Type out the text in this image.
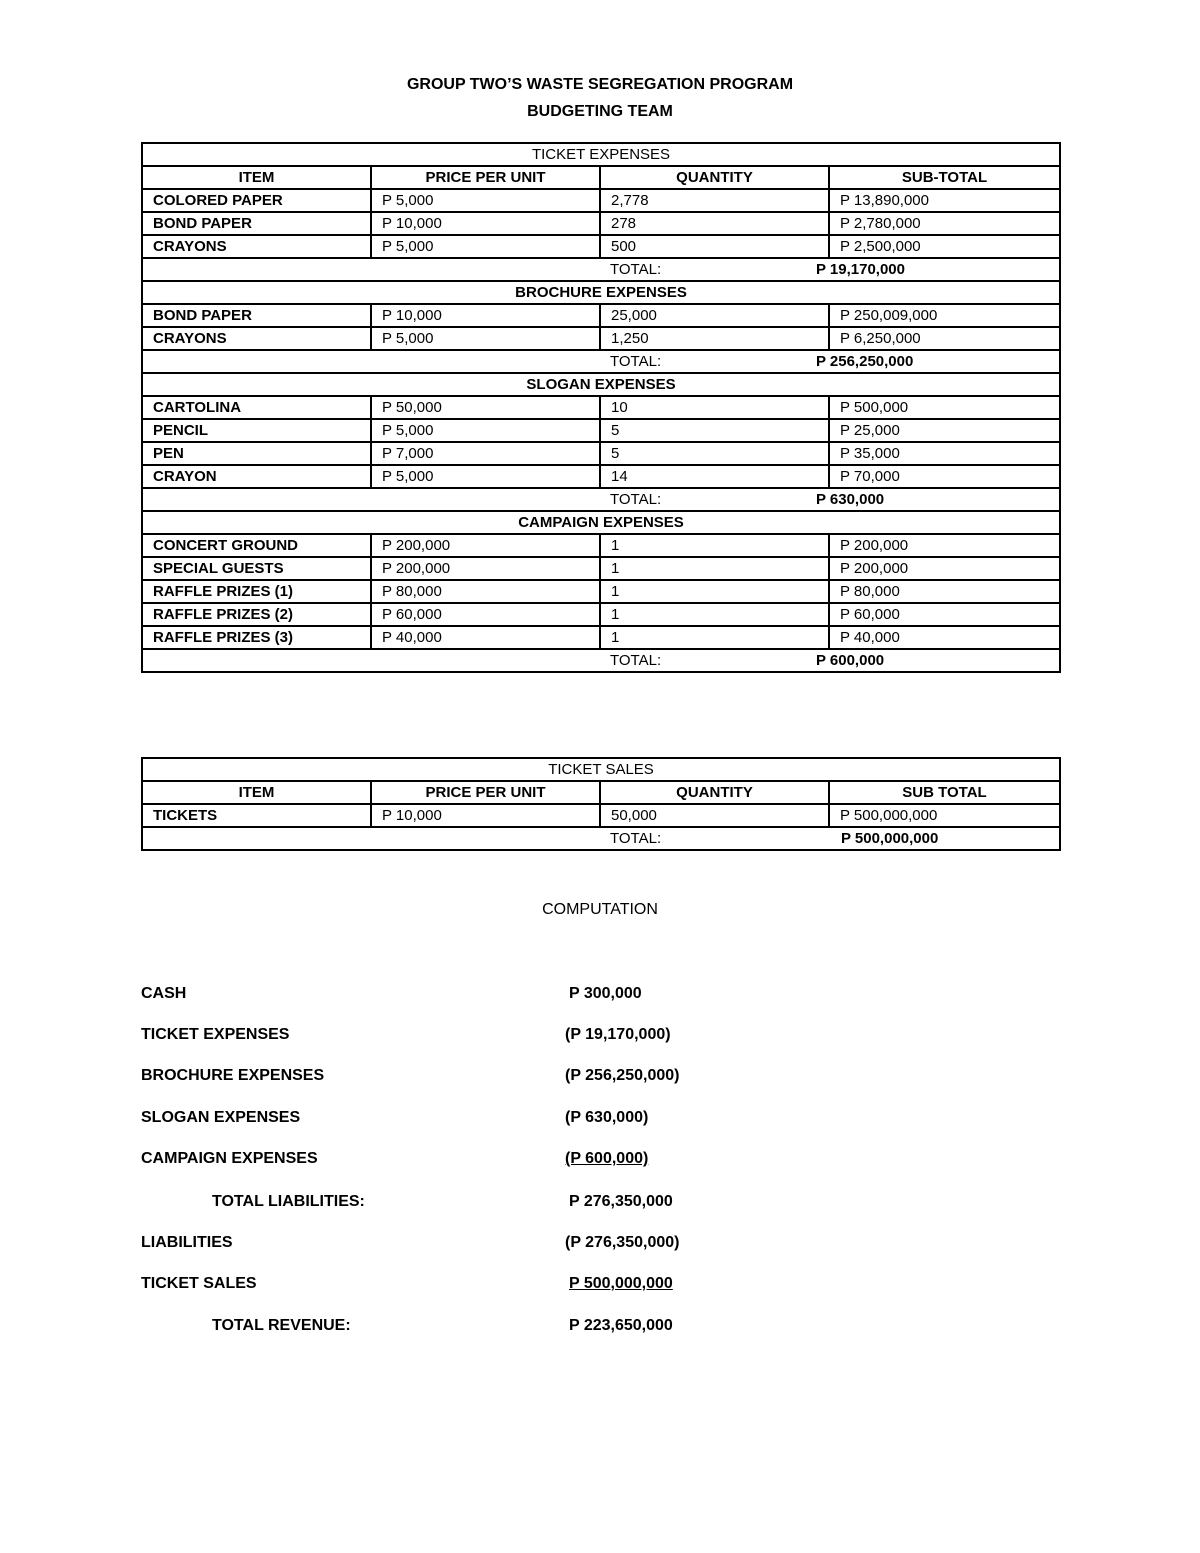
GROUP TWO’S WASTE SEGREGATION PROGRAM
BUDGETING TEAM
TICKET EXPENSES			
ITEM	PRICE PER UNIT	QUANTITY	SUB-TOTAL
COLORED PAPER	P 5,000	2,778	P 13,890,000
BOND PAPER	P 10,000	278	P 2,780,000
CRAYONS	P 5,000	500	P 2,500,000

TOTAL: P 19,170,000			

BROCHURE EXPENSES			
BOND PAPER	P 10,000	25,000	P 250,009,000
CRAYONS	P 5,000	1,250	P 6,250,000

TOTAL: P 256,250,000			

SLOGAN EXPENSES			
CARTOLINA	P 50,000	10	P 500,000
PENCIL	P 5,000	5	P 25,000
PEN	P 7,000	5	P 35,000
CRAYON	P 5,000	14	P 70,000

TOTAL: P 630,000			

CAMPAIGN EXPENSES			
CONCERT GROUND	P 200,000	1	P 200,000
SPECIAL GUESTS	P 200,000	1	P 200,000
RAFFLE PRIZES (1)	P 80,000	1	P 80,000
RAFFLE PRIZES (2)	P 60,000	1	P 60,000
RAFFLE PRIZES (3)	P 40,000	1	P 40,000

TOTAL: P 600,000			
TICKET SALES			
ITEM	PRICE PER UNIT	QUANTITY	SUB TOTAL
TICKETS	P 10,000	50,000	P 500,000,000

TOTAL: P 500,000,000			
COMPUTATION
CASH	P 300,000
TICKET EXPENSES	(P 19,170,000)
BROCHURE EXPENSES	(P 256,250,000)
SLOGAN EXPENSES	(P 630,000)
CAMPAIGN EXPENSES	(P 600,000)
TOTAL LIABILITIES:	P 276,350,000
LIABILITIES	(P 276,350,000)
TICKET SALES	P 500,000,000
TOTAL REVENUE:	P 223,650,000
